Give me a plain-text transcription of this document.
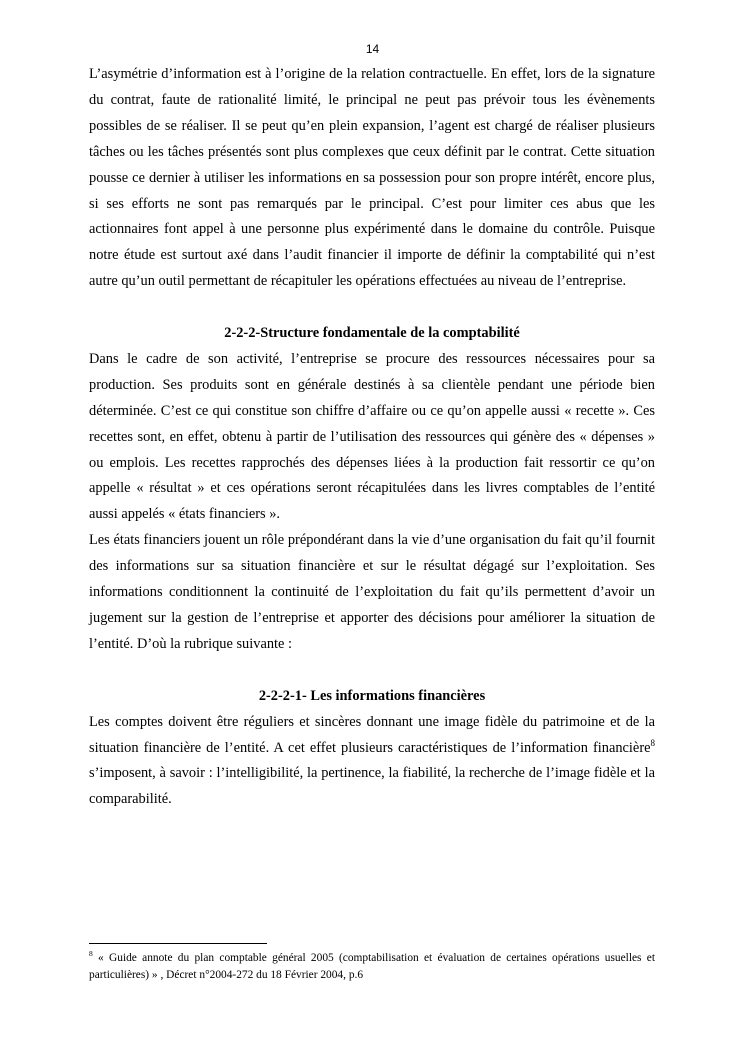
14

L’asymétrie d’information est à l’origine de la relation contractuelle. En effet, lors de la signature du contrat, faute de rationalité limité, le principal ne peut pas prévoir tous les évènements possibles de se réaliser. Il se peut qu’en plein expansion, l’agent est chargé de réaliser plusieurs tâches ou les tâches présentés sont plus complexes que ceux définit par le contrat. Cette situation pousse ce dernier à utiliser les informations en sa possession pour son propre intérêt, encore plus, si ses efforts ne sont pas remarqués par le principal. C’est pour limiter ces abus que les actionnaires font appel à une personne plus expérimenté dans le domaine du contrôle. Puisque notre étude est surtout axé dans l’audit financier il importe de définir la comptabilité qui n’est autre qu’un outil permettant de récapituler les opérations effectuées au niveau de l’entreprise.

2-2-2-Structure fondamentale de la comptabilité

Dans le cadre de son activité, l’entreprise se procure des ressources nécessaires pour sa production. Ses produits sont en générale destinés à sa clientèle pendant une période bien déterminée. C’est ce qui constitue son chiffre d’affaire ou ce qu’on appelle aussi « recette ». Ces recettes sont, en effet, obtenu à partir de l’utilisation des ressources qui génère des « dépenses » ou emplois. Les recettes rapprochés des dépenses liées à la production fait ressortir ce qu’on appelle « résultat » et ces opérations seront récapitulées dans les livres comptables de l’entité aussi appelés « états financiers ».

Les états financiers jouent un rôle prépondérant dans la vie d’une organisation du fait qu’il fournit des informations sur sa situation financière et sur le résultat dégagé sur l’exploitation. Ses informations conditionnent la continuité de l’exploitation du fait qu’ils permettent d’avoir un jugement sur la gestion de l’entreprise et apporter des décisions pour améliorer la situation de l’entité. D’où la rubrique suivante :

2-2-2-1- Les informations financières

Les comptes doivent être réguliers et sincères donnant une image fidèle du patrimoine et de la situation financière de l’entité. A cet effet plusieurs caractéristiques de l’information financière$^8$ s’imposent, à savoir : l’intelligibilité, la pertinence, la fiabilité, la recherche de l’image fidèle et la comparabilité.

$^8$ « Guide annote du plan comptable général 2005 (comptabilisation et évaluation de certaines opérations usuelles et particulières) » , Décret n°2004-272 du 18 Février 2004, p.6
